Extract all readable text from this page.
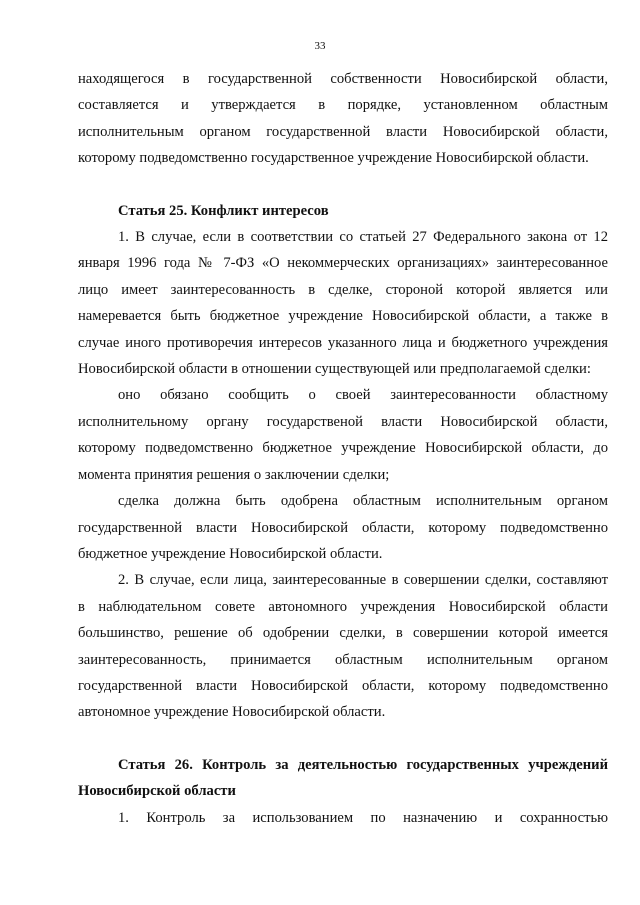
33
находящегося в государственной собственности Новосибирской области,
составляется и утверждается в порядке, установленном областным
исполнительным органом государственной власти Новосибирской области,
которому подведомственно государственное учреждение Новосибирской области.
Статья 25. Конфликт интересов
1. В случае, если в соответствии со статьей 27 Федерального закона от 12
января 1996 года № 7-ФЗ «О некоммерческих организациях» заинтересованное
лицо имеет заинтересованность в сделке, стороной которой является или
намеревается быть бюджетное учреждение Новосибирской области, а также в
случае иного противоречия интересов указанного лица и бюджетного учреждения
Новосибирской области в отношении существующей или предполагаемой сделки:
оно обязано сообщить о своей заинтересованности областному
исполнительному органу государственой власти Новосибирской области,
которому подведомственно бюджетное учреждение Новосибирской области, до
момента принятия решения о заключении сделки;
сделка должна быть одобрена областным исполнительным органом
государственной власти Новосибирской области, которому подведомственно
бюджетное учреждение Новосибирской области.
2. В случае, если лица, заинтересованные в совершении сделки, составляют
в наблюдательном совете автономного учреждения Новосибирской области
большинство, решение об одобрении сделки, в совершении которой имеется
заинтересованность, принимается областным исполнительным органом
государственной власти Новосибирской области, которому подведомственно
автономное учреждение Новосибирской области.
Статья 26. Контроль за деятельностью государственных учреждений
Новосибирской области
1. Контроль за использованием по назначению и сохранностью
